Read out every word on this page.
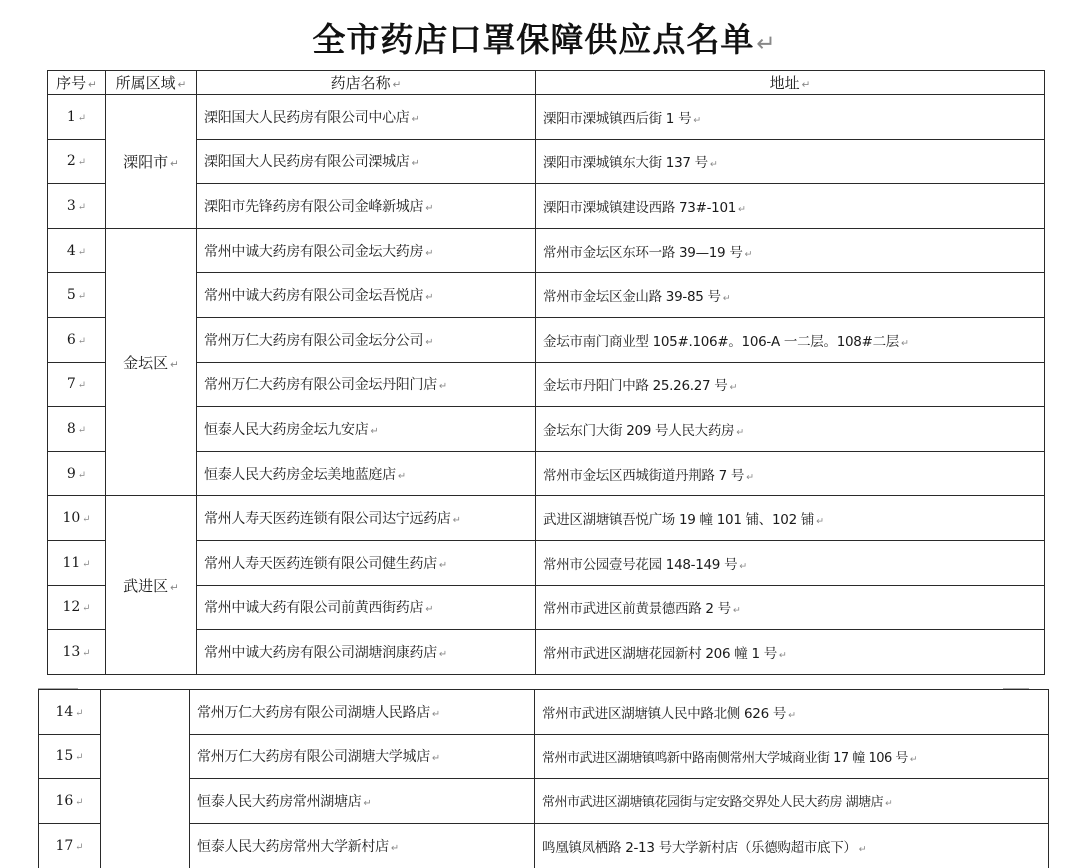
全市药店口罩保障供应点名单↵
序号 ↵	所属区域 ↵	药店名称 ↵	地址 ↵
1 ↵	溧阳市 ↵	溧阳国大人民药房有限公司中心店 ↵	溧阳市溧城镇西后街 1 号 ↵
2 ↵		溧阳国大人民药房有限公司溧城店 ↵	溧阳市溧城镇东大街 137 号 ↵
3 ↵		溧阳市先锋药房有限公司金峰新城店 ↵	溧阳市溧城镇建设西路 73#-101 ↵
4 ↵	金坛区 ↵	常州中诚大药房有限公司金坛大药房 ↵	常州市金坛区东环一路 39—19 号 ↵
5 ↵		常州中诚大药房有限公司金坛吾悦店 ↵	常州市金坛区金山路 39-85 号 ↵
6 ↵		常州万仁大药房有限公司金坛分公司 ↵	金坛市南门商业型 105#.106#。106-A 一二层。108#二层 ↵
7 ↵		常州万仁大药房有限公司金坛丹阳门店 ↵	金坛市丹阳门中路 25.26.27 号 ↵
8 ↵		恒泰人民大药房金坛九安店 ↵	金坛东门大街 209 号人民大药房 ↵
9 ↵		恒泰人民大药房金坛美地蓝庭店 ↵	常州市金坛区西城街道丹荆路 7 号 ↵
10 ↵	武进区 ↵	常州人寿天医药连锁有限公司达宁远药店 ↵	武进区湖塘镇吾悦广场 19 幢 101 铺、102 铺 ↵
11 ↵		常州人寿天医药连锁有限公司健生药店 ↵	常州市公园壹号花园 148-149 号 ↵
12 ↵		常州中诚大药有限公司前黄西街药店 ↵	常州市武进区前黄景德西路 2 号 ↵
13 ↵		常州中诚大药房有限公司湖塘润康药店 ↵	常州市武进区湖塘花园新村 206 幢 1 号 ↵
14 ↵		常州万仁大药房有限公司湖塘人民路店 ↵	常州市武进区湖塘镇人民中路北侧 626 号 ↵
15 ↵		常州万仁大药房有限公司湖塘大学城店 ↵	常州市武进区湖塘镇鸣新中路南侧常州大学城商业街 17 幢 106 号 ↵
16 ↵		恒泰人民大药房常州湖塘店 ↵	常州市武进区湖塘镇花园街与定安路交界处人民大药房 湖塘店 ↵
17 ↵		恒泰人民大药房常州大学新村店 ↵	鸣凰镇凤栖路 2-13 号大学新村店（乐德购超市底下） ↵
